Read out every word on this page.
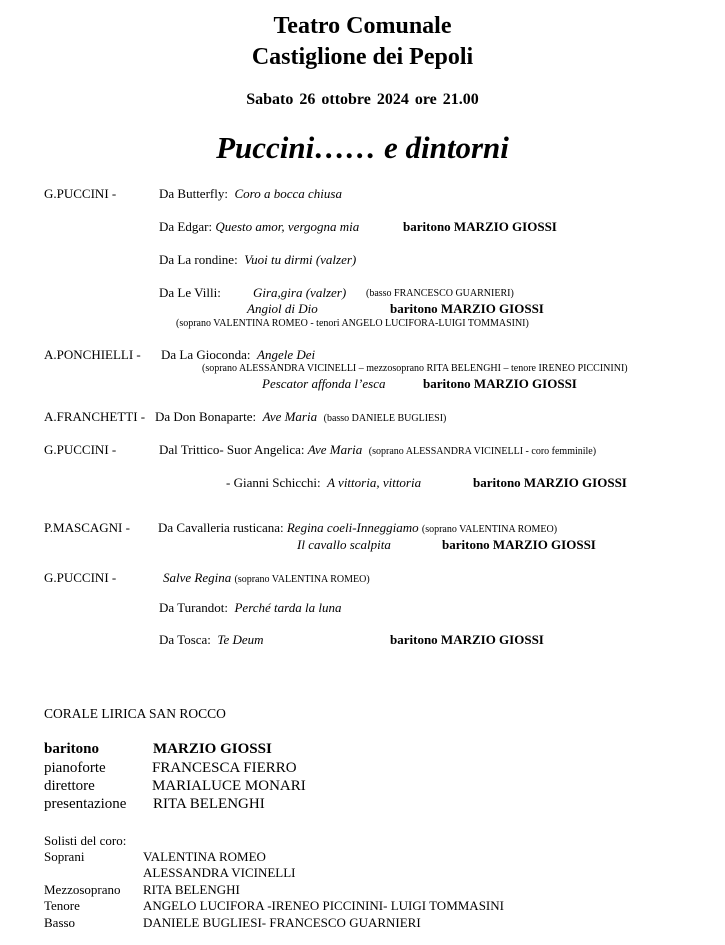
Teatro Comunale
Castiglione dei Pepoli
Sabato 26 ottobre 2024 ore 21.00
Puccini…… e dintorni
G.PUCCINI -	Da Butterfly: Coro a bocca chiusa
Da Edgar: Questo amor, vergogna mia	baritono MARZIO GIOSSI
Da La rondine: Vuoi tu dirmi (valzer)
Da Le Villi: Gira,gira (valzer) (basso FRANCESCO GUARNIERI)
Angiol di Dio	baritono MARZIO GIOSSI
(soprano VALENTINA ROMEO - tenori ANGELO LUCIFORA-LUIGI TOMMASINI)
A.PONCHIELLI - Da La Gioconda: Angele Dei
(soprano ALESSANDRA VICINELLI – mezzosoprano RITA BELENGHI – tenore IRENEO PICCININI)
Pescator affonda l’esca	baritono MARZIO GIOSSI
A.FRANCHETTI - Da Don Bonaparte: Ave Maria (basso DANIELE BUGLIESI)
G.PUCCINI -	Dal Trittico- Suor Angelica: Ave Maria (soprano ALESSANDRA VICINELLI - coro femminile)
- Gianni Schicchi: A vittoria, vittoria	baritono MARZIO GIOSSI
P.MASCAGNI - Da Cavalleria rusticana: Regina coeli-Inneggiamo (soprano VALENTINA ROMEO)
Il cavallo scalpita	baritono MARZIO GIOSSI
G.PUCCINI -	Salve Regina (soprano VALENTINA ROMEO)
Da Turandot: Perché tarda la luna
Da Tosca: Te Deum	baritono MARZIO GIOSSI
CORALE LIRICA SAN ROCCO
baritono	MARZIO GIOSSI
pianoforte	FRANCESCA FIERRO
direttore	MARIALUCE MONARI
presentazione RITA BELENGHI
Solisti del coro:
Soprani	VALENTINA ROMEO
ALESSANDRA VICINELLI
Mezzosoprano RITA BELENGHI
Tenore	ANGELO LUCIFORA -IRENEO PICCININI- LUIGI TOMMASINI
Basso	DANIELE BUGLIESI- FRANCESCO GUARNIERI
